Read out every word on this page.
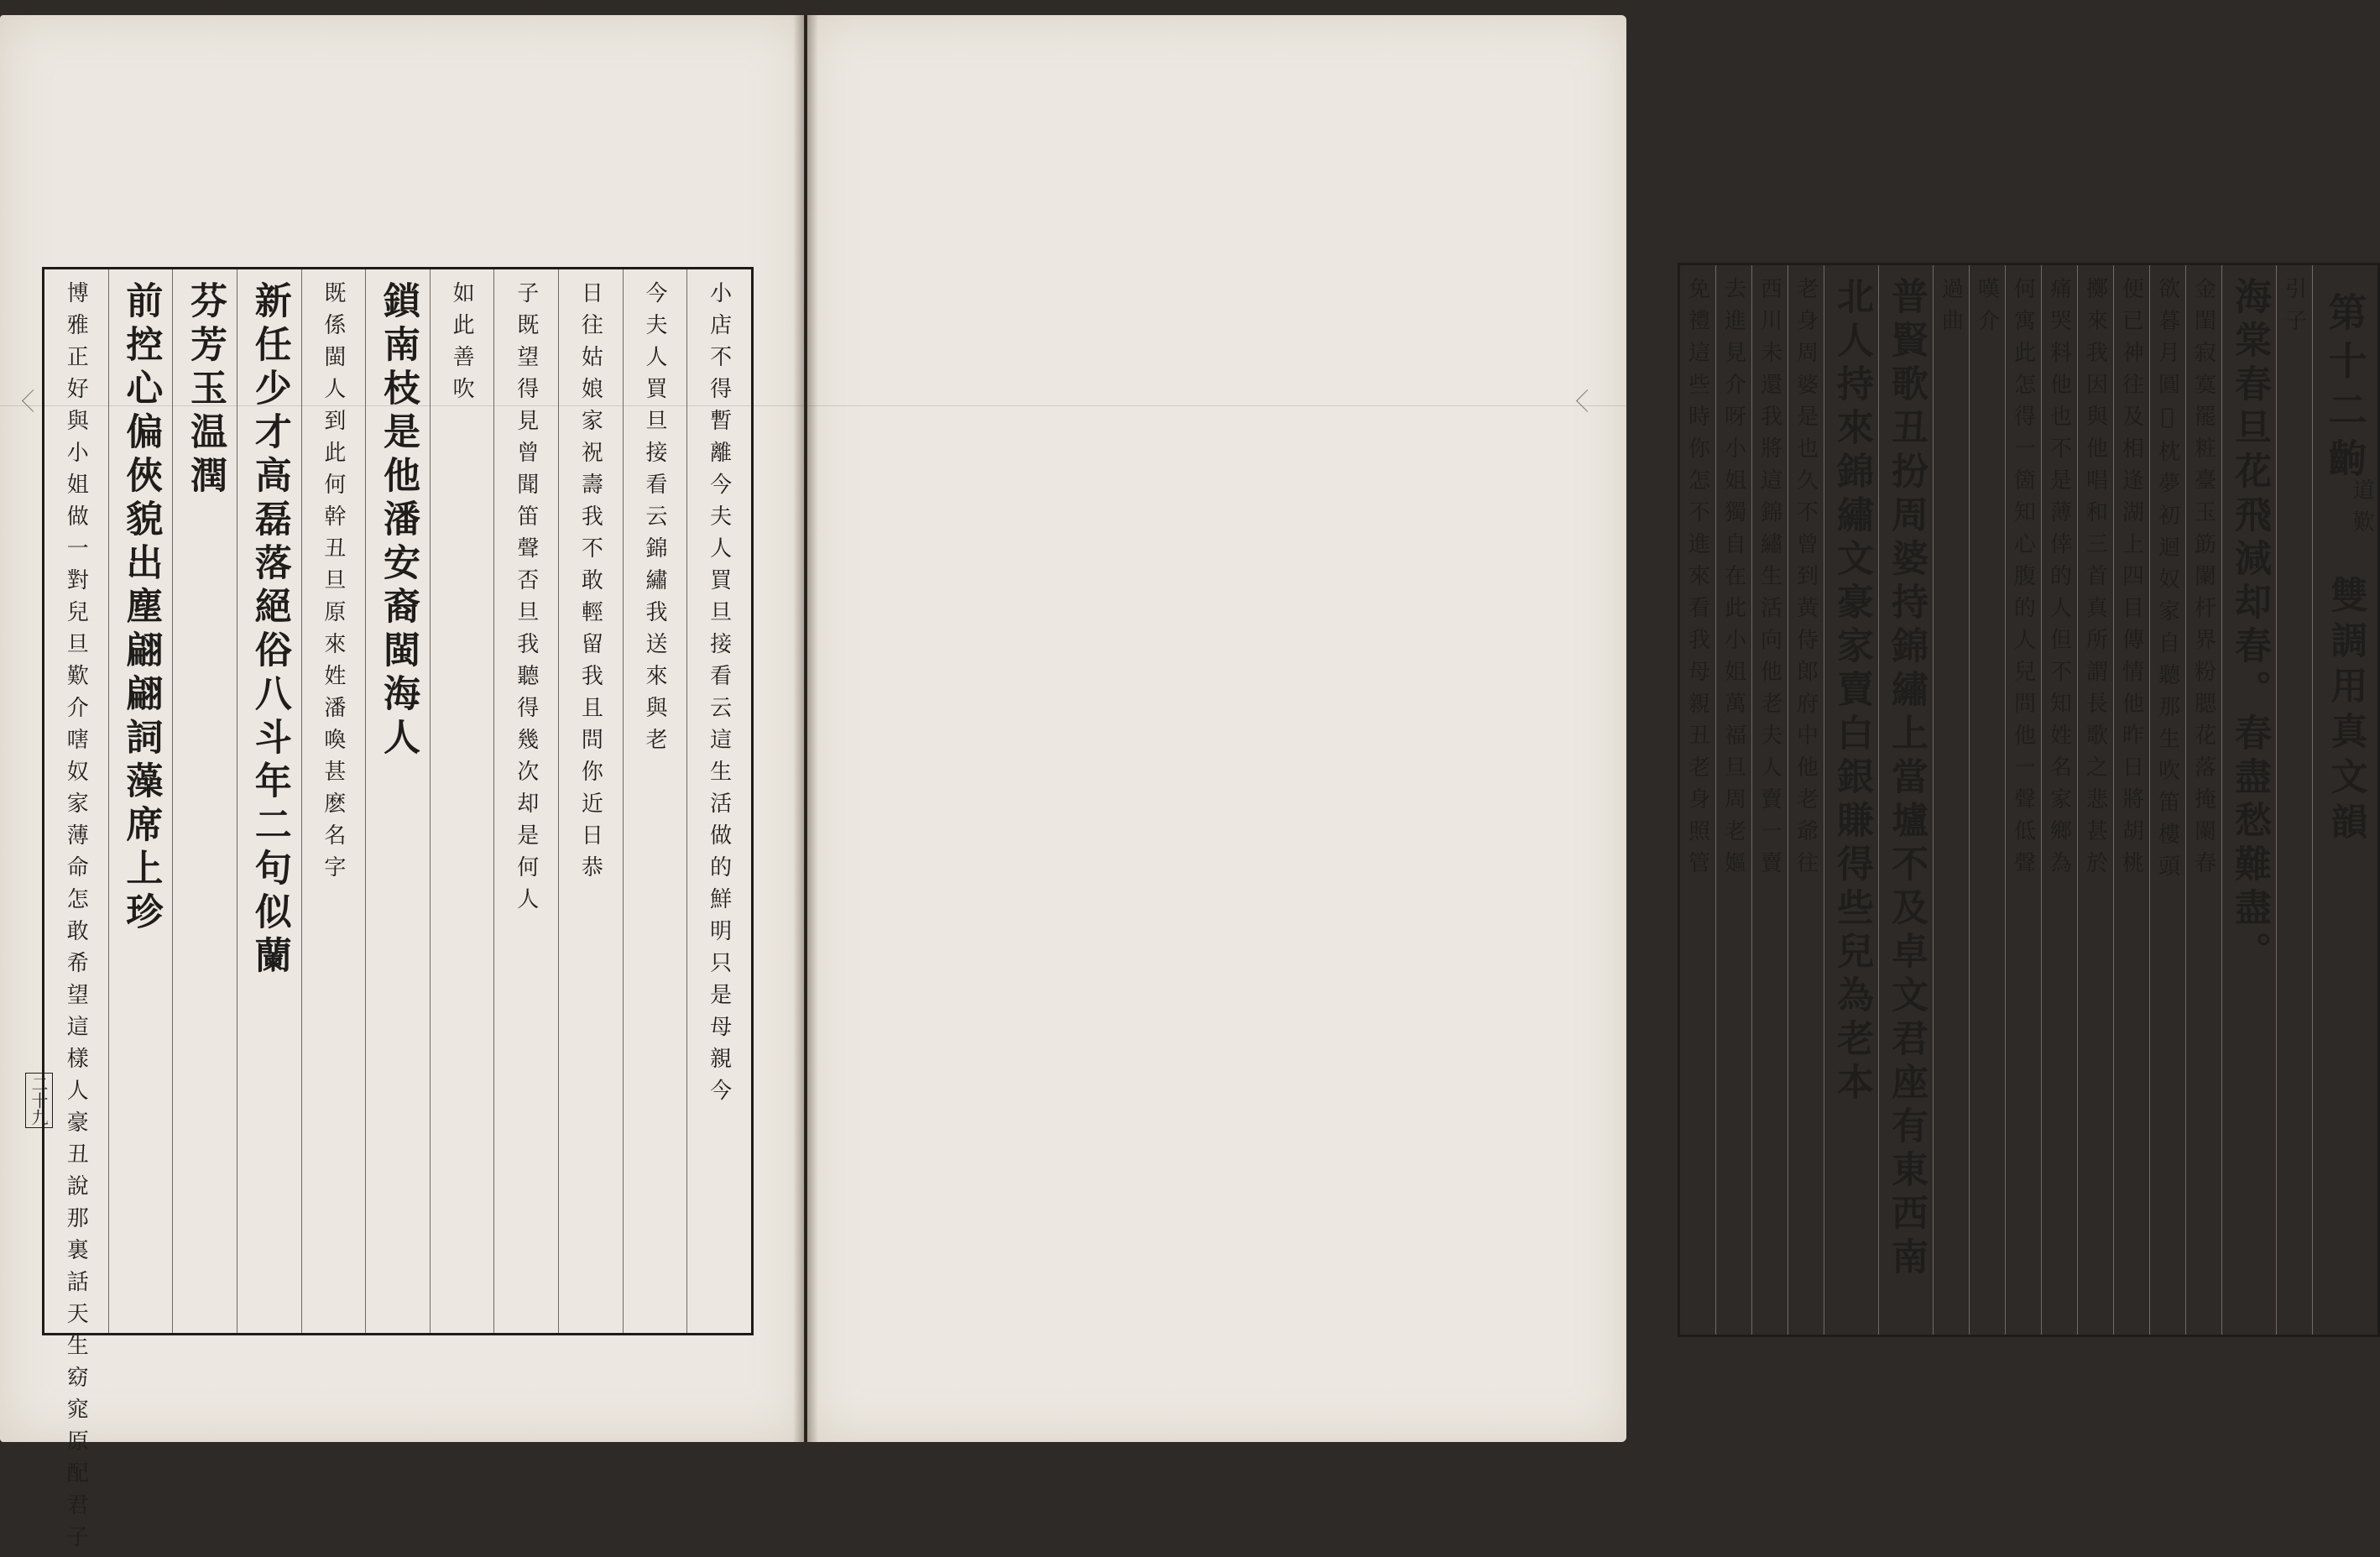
二十九	小店不得暫離今夫人買旦接看云這生活做的鮮明只是母親今
今夫人買旦接看云錦繡我送來與老
日往姑娘家祝壽我不敢輕留我且問你近日恭
子既望得見曾聞笛聲否旦我聽得幾次却是何人
如此善吹
鎖南枝是他潘安裔閩海人
既係閩人到此何幹丑旦原來姓潘喚甚麽名字
新任少才高磊落絕俗八斗年二句似蘭
芬芳玉温潤
前控心偏俠貌出塵翩翩詞藻席上珍
博雅正好與小姐做一對兒旦歎介嗐奴家薄命怎敢希望這樣人豪丑說那裏話天生窈窕原配君子	第十二齣
道歎
雙調用真文韻
引子
海棠春旦花飛減却春。春盡愁難盡。
金閨寂寞罷粧臺玉筯闌杆界粉腮花落掩闌春
欲暮月圓𣱵枕夢初迴奴家自聽那生吹笛樓頭
便已神往及相逢湖上四目傳情他昨日將胡桃
擲來我因與他唱和三首真所謂長歌之悲甚於
痛哭料他也不是薄倖的人但不知姓名家鄉為
何寓此怎得一箇知心腹的人兒問他一聲低聲
嘆介
過曲
普賢歌丑扮周婆持錦繡上當壚不及卓文君座有東西南
北人持來錦繡文豪家賣白銀賺得些兒為老本
老身周婆是也久不曾到黃侍郎府中他老爺往
西川未還我將這錦繡生活向他老夫人賣一賣
去進見介呀小姐獨自在此小姐萬福旦周老嫗
免禮這些時你怎不進來看我母親丑老身照管
